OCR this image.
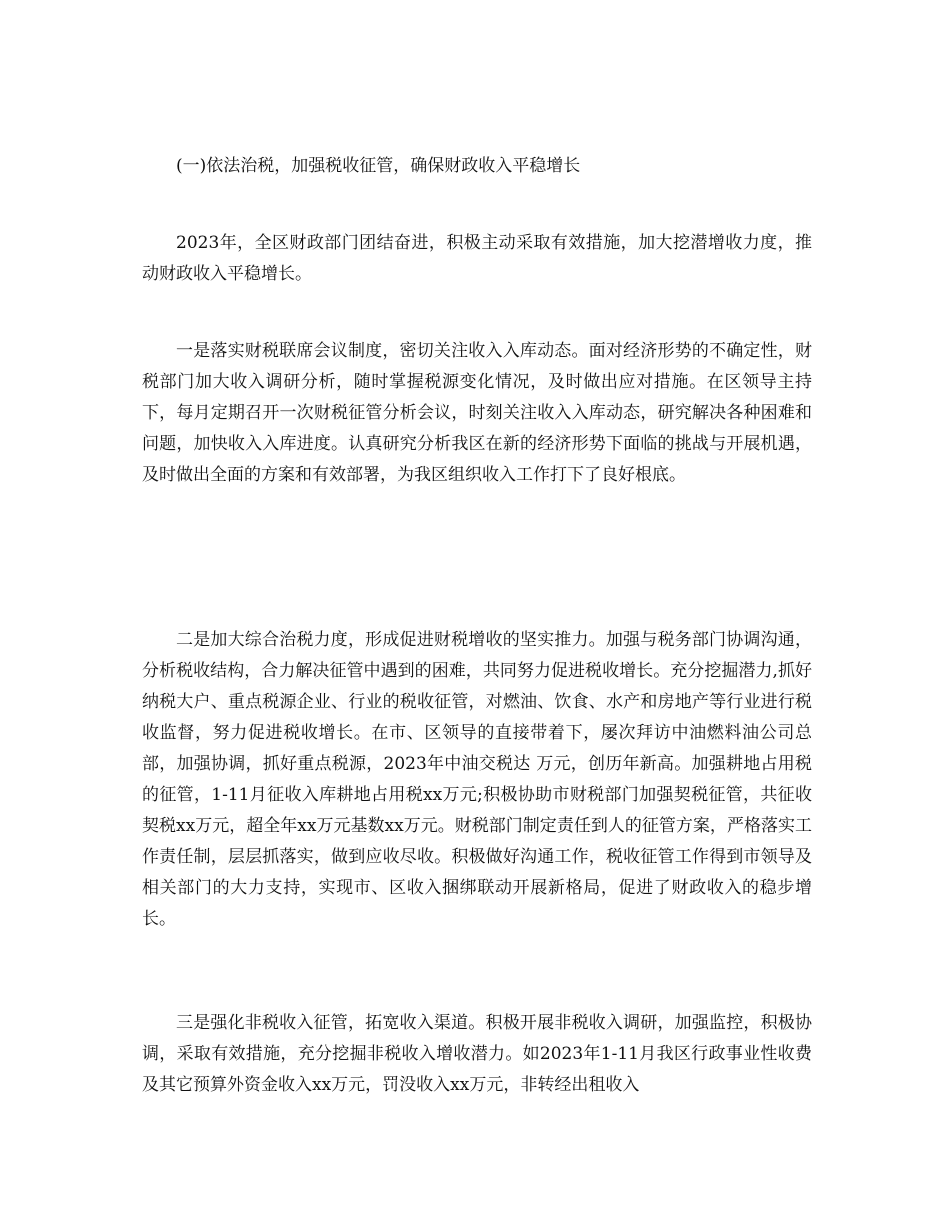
(一)依法治税，加强税收征管，确保财政收入平稳增长

2023年，全区财政部门团结奋进，积极主动采取有效措施，加大挖潜增收力度，推动财政收入平稳增长。

一是落实财税联席会议制度，密切关注收入入库动态。面对经济形势的不确定性，财税部门加大收入调研分析，随时掌握税源变化情况，及时做出应对措施。在区领导主持下，每月定期召开一次财税征管分析会议，时刻关注收入入库动态，研究解决各种困难和问题，加快收入入库进度。认真研究分析我区在新的经济形势下面临的挑战与开展机遇，及时做出全面的方案和有效部署，为我区组织收入工作打下了良好根底。

二是加大综合治税力度，形成促进财税增收的坚实推力。加强与税务部门协调沟通，分析税收结构，合力解决征管中遇到的困难，共同努力促进税收增长。充分挖掘潜力,抓好纳税大户、重点税源企业、行业的税收征管，对燃油、饮食、水产和房地产等行业进行税收监督，努力促进税收增长。在市、区领导的直接带着下，屡次拜访中油燃料油公司总部，加强协调，抓好重点税源，2023年中油交税达 万元，创历年新高。加强耕地占用税的征管，1-11月征收入库耕地占用税xx万元;积极协助市财税部门加强契税征管，共征收契税xx万元，超全年xx万元基数xx万元。财税部门制定责任到人的征管方案，严格落实工作责任制，层层抓落实，做到应收尽收。积极做好沟通工作，税收征管工作得到市领导及相关部门的大力支持，实现市、区收入捆绑联动开展新格局，促进了财政收入的稳步增长。

三是强化非税收入征管，拓宽收入渠道。积极开展非税收入调研，加强监控，积极协调，采取有效措施，充分挖掘非税收入增收潜力。如2023年1-11月我区行政事业性收费及其它预算外资金收入xx万元，罚没收入xx万元，非转经出租收入
